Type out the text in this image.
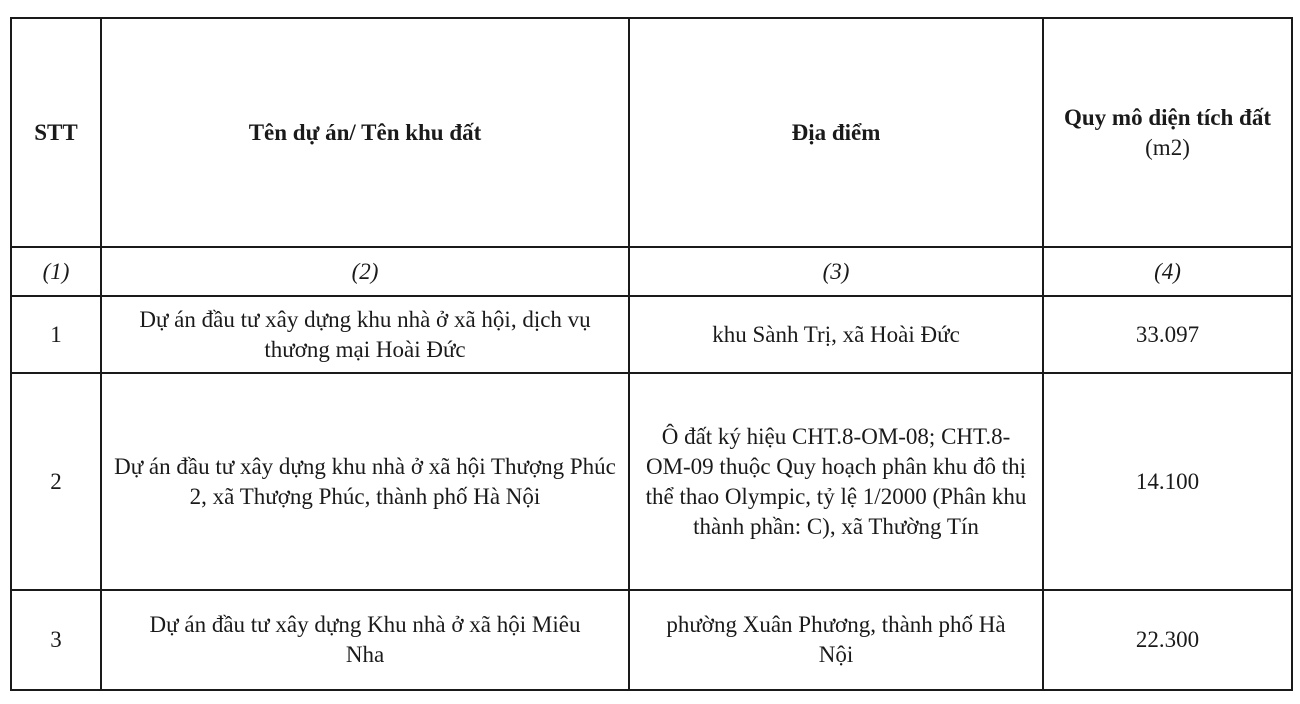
STT	Tên dự án/ Tên khu đất	Địa điểm	Quy mô diện tích đất (m2)
(1)	(2)	(3)	(4)
1	Dự án đầu tư xây dựng khu nhà ở xã hội, dịch vụ thương mại Hoài Đức	khu Sành Trị, xã Hoài Đức	33.097
2	Dự án đầu tư xây dựng khu nhà ở xã hội Thượng Phúc 2, xã Thượng Phúc, thành phố Hà Nội	Ô đất ký hiệu CHT.8-OM-08; CHT.8-OM-09 thuộc Quy hoạch phân khu đô thị thể thao Olympic, tỷ lệ 1/2000 (Phân khu thành phần: C), xã Thường Tín	14.100
3	Dự án đầu tư xây dựng Khu nhà ở xã hội Miêu Nha	phường Xuân Phương, thành phố Hà Nội	22.300
